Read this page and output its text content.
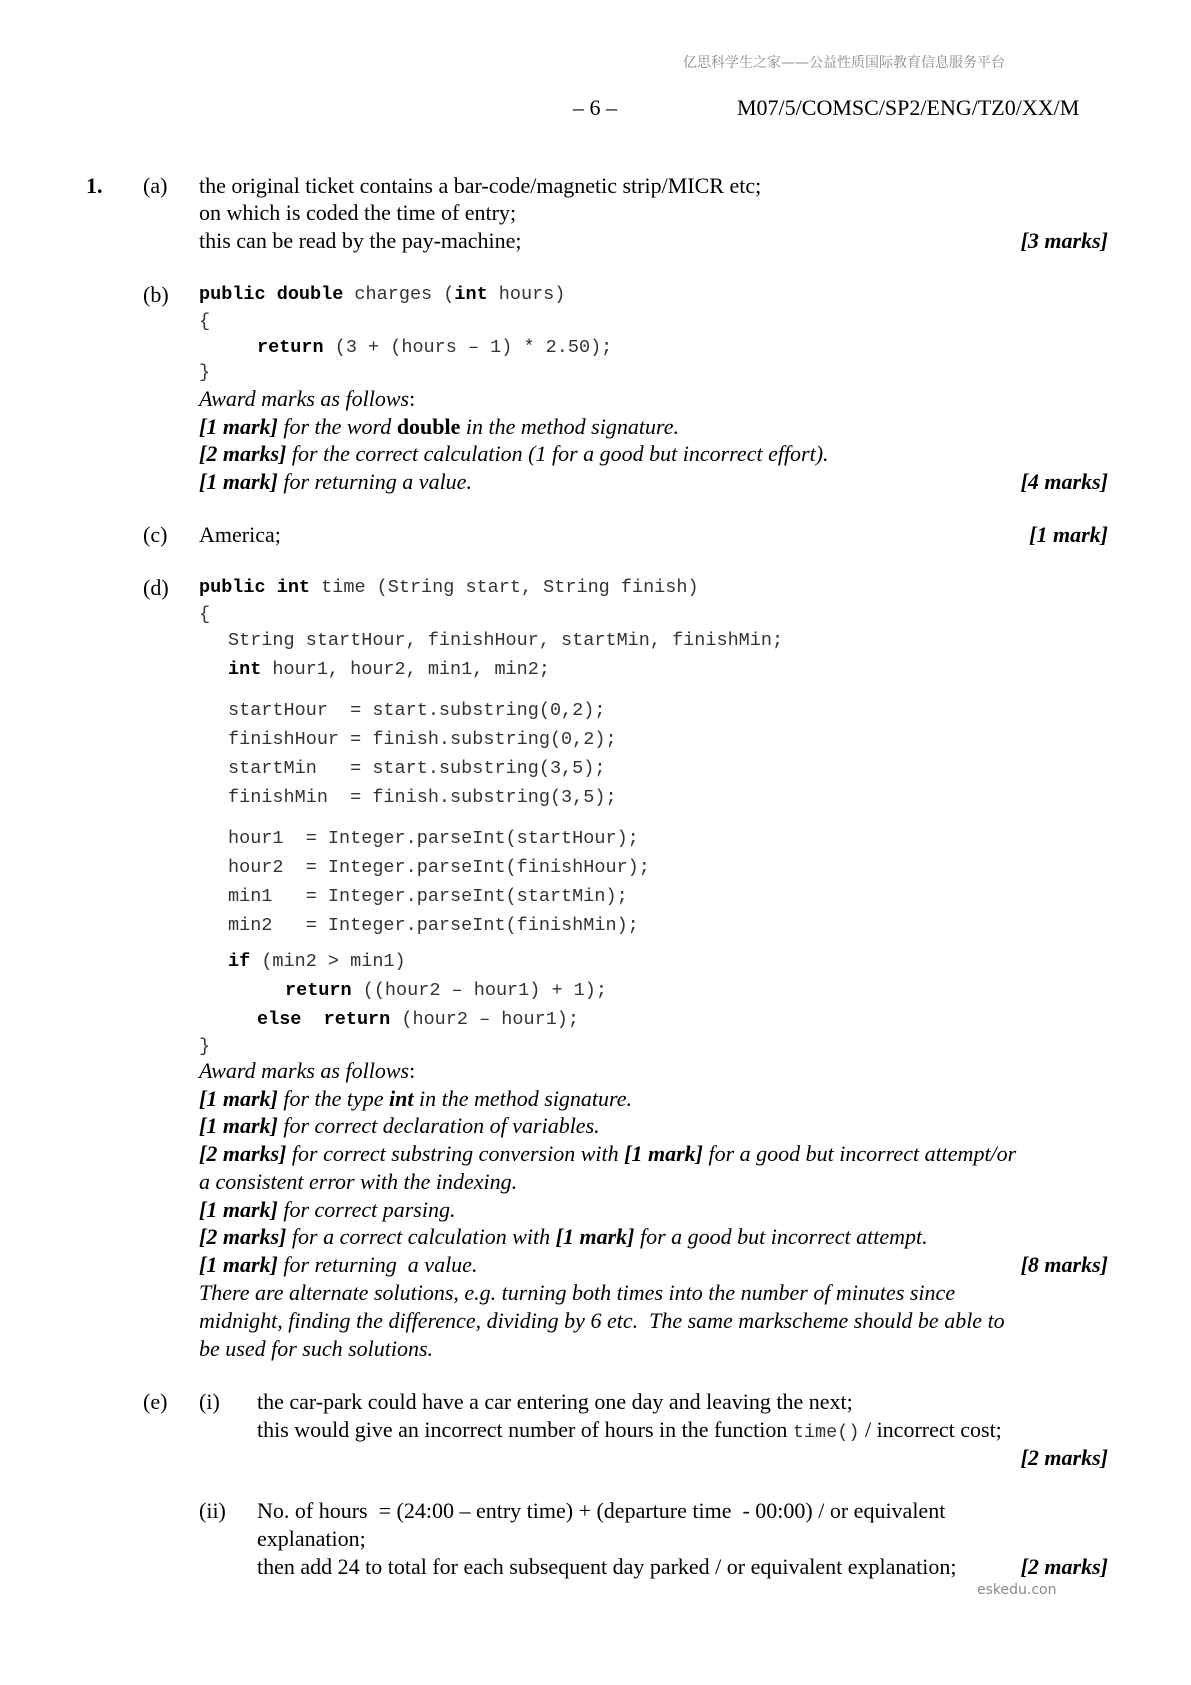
亿思科学生之家——公益性质国际教育信息服务平台
– 6 –	M07/5/COMSC/SP2/ENG/TZ0/XX/M
1. (a) the original ticket contains a bar-code/magnetic strip/MICR etc;
on which is coded the time of entry;
this can be read by the pay-machine;	[3 marks]
(b) public double charges (int hours)
{
return (3 + (hours – 1) * 2.50);
}
Award marks as follows:
[1 mark] for the word double in the method signature.
[2 marks] for the correct calculation (1 for a good but incorrect effort).
[1 mark] for returning a value.	[4 marks]
(c) America;	[1 mark]
(d) public int time (String start, String finish)
{
String startHour, finishHour, startMin, finishMin;
int hour1, hour2, min1, min2;
startHour  = start.substring(0,2);
finishHour = finish.substring(0,2);
startMin   = start.substring(3,5);
finishMin  = finish.substring(3,5);
hour1  = Integer.parseInt(startHour);
hour2  = Integer.parseInt(finishHour);
min1   = Integer.parseInt(startMin);
min2   = Integer.parseInt(finishMin);
if (min2 > min1)
return ((hour2 – hour1) + 1);
else return (hour2 – hour1);
}
Award marks as follows:
[1 mark] for the type int in the method signature.
[1 mark] for correct declaration of variables.
[2 marks] for correct substring conversion with [1 mark] for a good but incorrect attempt/or
a consistent error with the indexing.
[1 mark] for correct parsing.
[2 marks] for a correct calculation with [1 mark] for a good but incorrect attempt.
[1 mark] for returning  a value.	[8 marks]
There are alternate solutions, e.g. turning both times into the number of minutes since
midnight, finding the difference, dividing by 6 etc.  The same markscheme should be able to
be used for such solutions.
(e) (i) the car-park could have a car entering one day and leaving the next;
this would give an incorrect number of hours in the function time() / incorrect cost;
[2 marks]
(ii) No. of hours  = (24:00 – entry time) + (departure time  - 00:00) / or equivalent
explanation;
then add 24 to total for each subsequent day parked / or equivalent explanation;	[2 marks]
eskedu.con
